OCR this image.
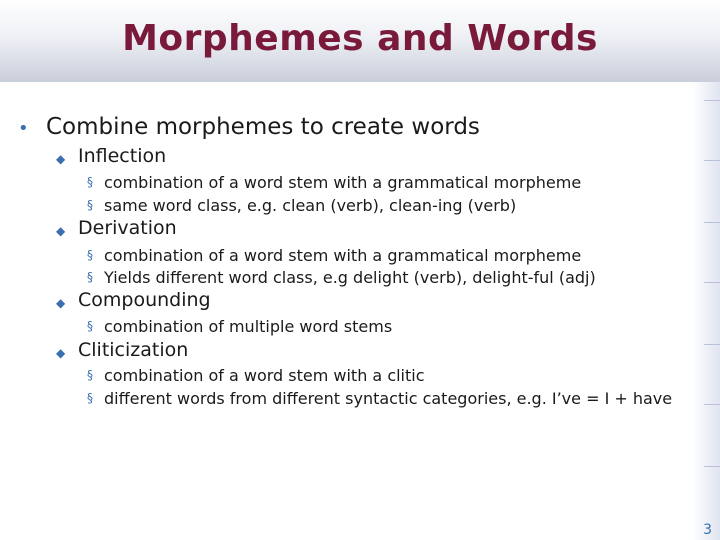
Morphemes and Words
• Combine morphemes to create words
◆ Inflection
§ combination of a word stem with a grammatical morpheme
§ same word class, e.g. clean (verb), clean-ing (verb)
◆ Derivation
§ combination of a word stem with a grammatical morpheme
§ Yields different word class, e.g delight (verb), delight-ful (adj)
◆ Compounding
§ combination of multiple word stems
◆ Cliticization
§ combination of a word stem with a clitic
§ different words from different syntactic categories, e.g. I’ve = I + have
3
